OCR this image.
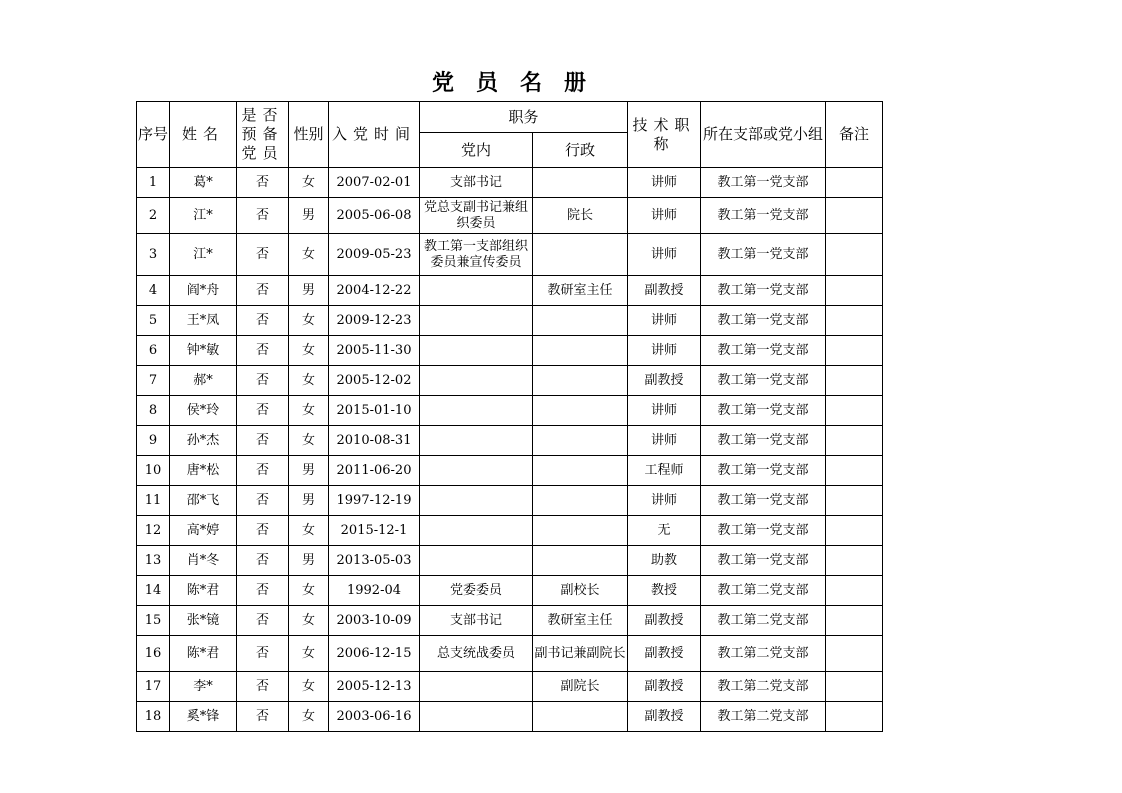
党员名册
序号	姓名	是否预备党员	性别	入党时间	职务		技术职称	所在支部或党小组	备注
					党内	行政			
1	葛*	否	女	2007-02-01	支部书记		讲师	教工第一党支部	
2	江*	否	男	2005-06-08	党总支副书记兼组织委员	院长	讲师	教工第一党支部	
3	江*	否	女	2009-05-23	教工第一支部组织委员兼宣传委员		讲师	教工第一党支部	
4	阎*舟	否	男	2004-12-22		教研室主任	副教授	教工第一党支部	
5	王*凤	否	女	2009-12-23			讲师	教工第一党支部	
6	钟*敏	否	女	2005-11-30			讲师	教工第一党支部	
7	郝*	否	女	2005-12-02			副教授	教工第一党支部	
8	侯*玲	否	女	2015-01-10			讲师	教工第一党支部	
9	孙*杰	否	女	2010-08-31			讲师	教工第一党支部	
10	唐*松	否	男	2011-06-20			工程师	教工第一党支部	
11	邵*飞	否	男	1997-12-19			讲师	教工第一党支部	
12	高*婷	否	女	2015-12-1			无	教工第一党支部	
13	肖*冬	否	男	2013-05-03			助教	教工第一党支部	
14	陈*君	否	女	1992-04	党委委员	副校长	教授	教工第二党支部	
15	张*镜	否	女	2003-10-09	支部书记	教研室主任	副教授	教工第二党支部	
16	陈*君	否	女	2006-12-15	总支统战委员	副书记兼副院长	副教授	教工第二党支部	
17	李*	否	女	2005-12-13		副院长	副教授	教工第二党支部	
18	奚*锋	否	女	2003-06-16			副教授	教工第二党支部	
